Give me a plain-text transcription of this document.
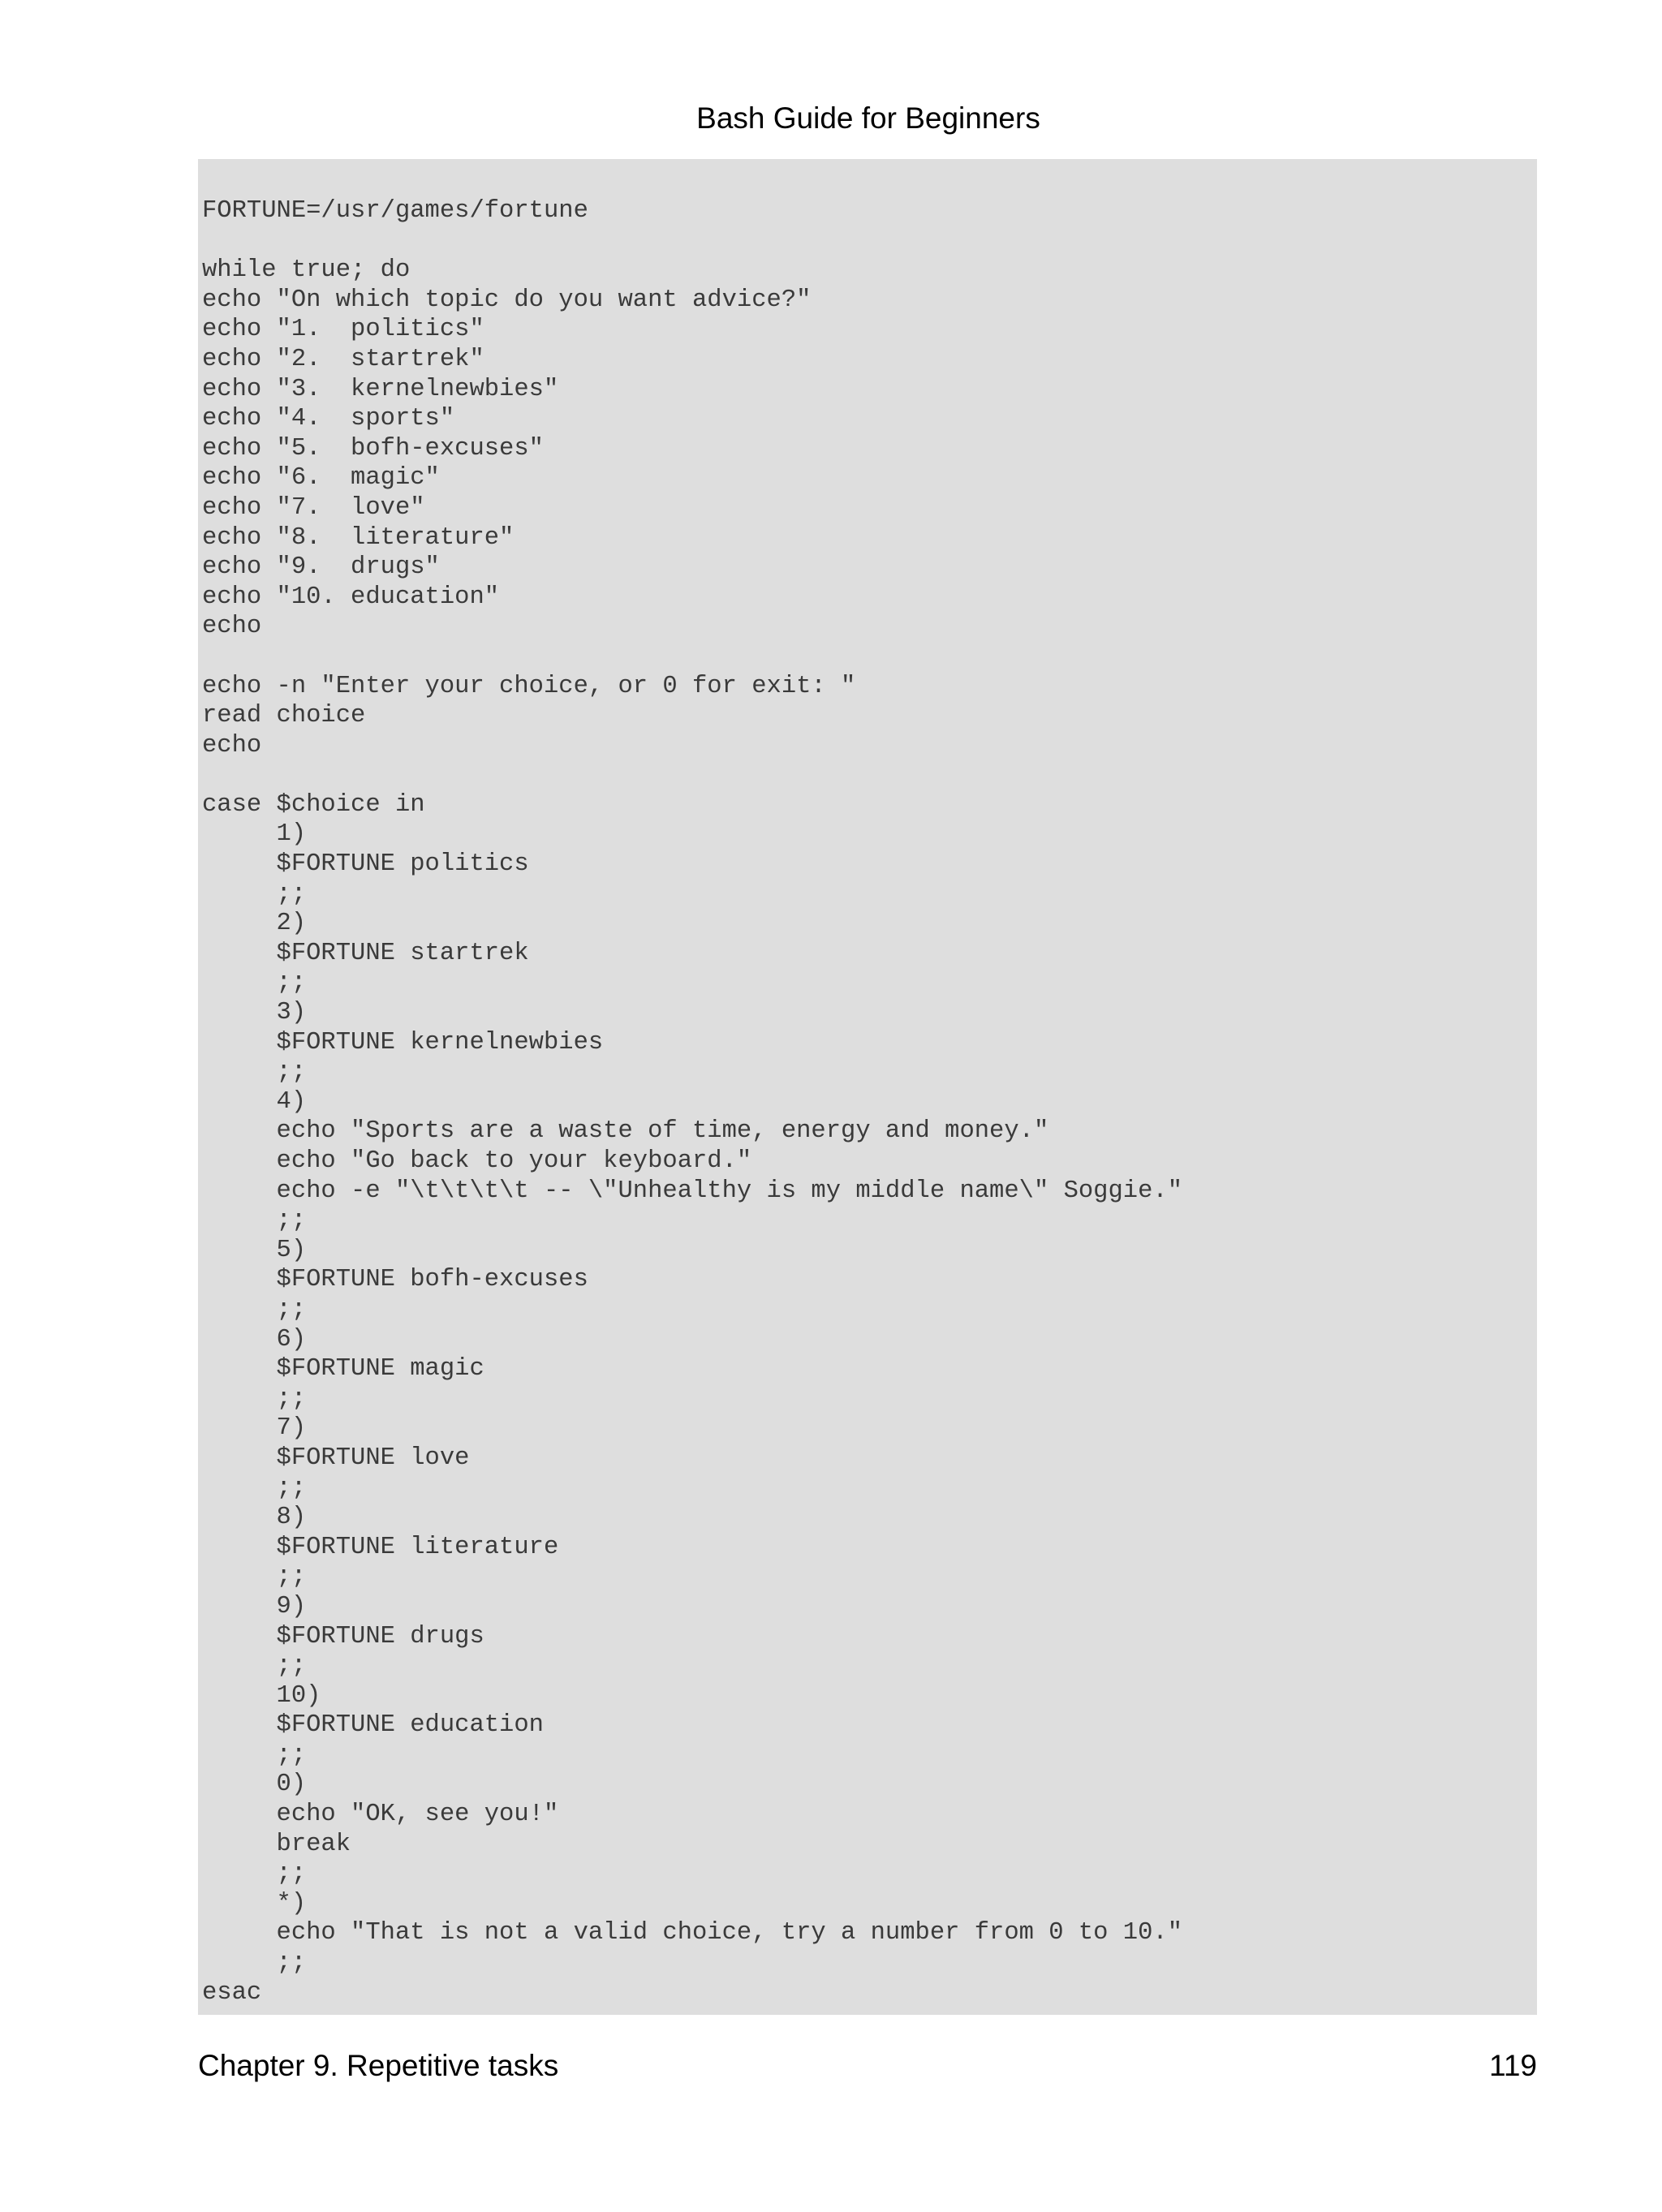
Bash Guide for Beginners
FORTUNE=/usr/games/fortune
while true; do
echo "On which topic do you want advice?"
echo "1.  politics"
echo "2.  startrek"
echo "3.  kernelnewbies"
echo "4.  sports"
echo "5.  bofh-excuses"
echo "6.  magic"
echo "7.  love"
echo "8.  literature"
echo "9.  drugs"
echo "10. education"
echo
echo -n "Enter your choice, or 0 for exit: "
read choice
echo
case $choice in
1)
$FORTUNE politics
;;
2)
$FORTUNE startrek
;;
3)
$FORTUNE kernelnewbies
;;
4)
echo "Sports are a waste of time, energy and money."
echo "Go back to your keyboard."
echo -e "\t\t\t\t -- \"Unhealthy is my middle name\" Soggie."
;;
5)
$FORTUNE bofh-excuses
;;
6)
$FORTUNE magic
;;
7)
$FORTUNE love
;;
8)
$FORTUNE literature
;;
9)
$FORTUNE drugs
;;
10)
$FORTUNE education
;;
0)
echo "OK, see you!"
break
;;
*)
echo "That is not a valid choice, try a number from 0 to 10."
;;
esac
Chapter 9. Repetitive tasks	119
